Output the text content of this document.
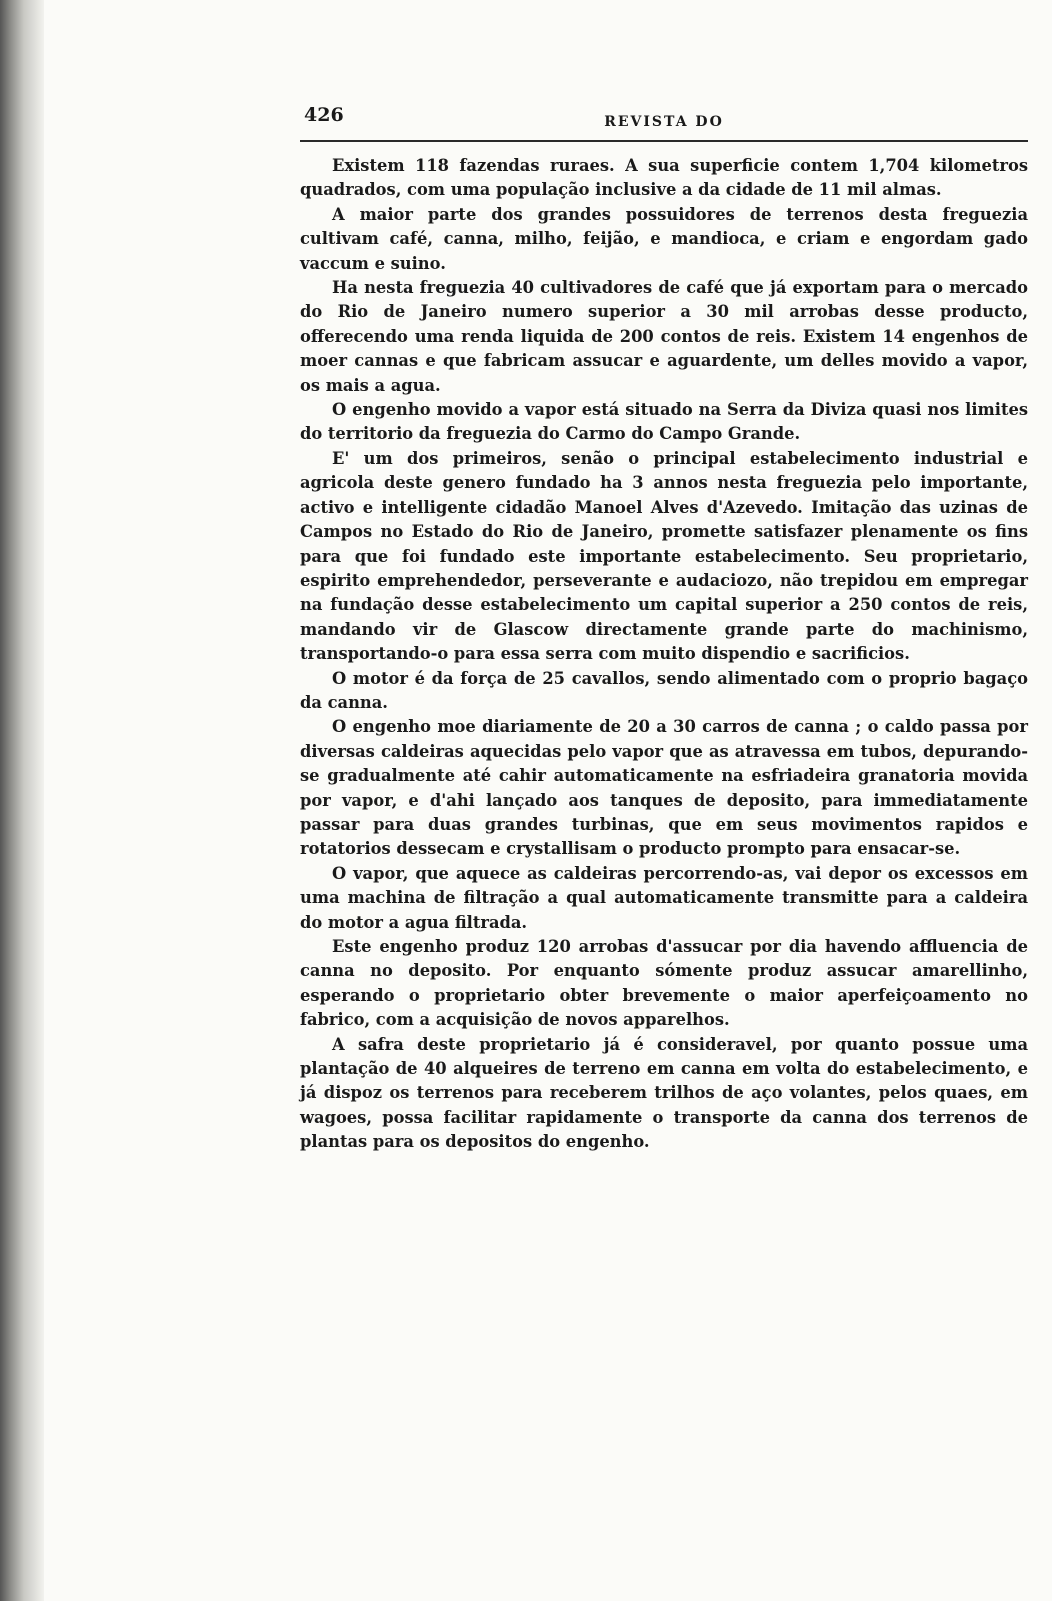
426	REVISTA DO

Existem 118 fazendas ruraes. A sua superficie contem 1,704 kilometros quadrados, com uma população inclusive a da cidade de 11 mil almas.

A maior parte dos grandes possuidores de terrenos desta freguezia cultivam café, canna, milho, feijão, e mandioca, e criam e engordam gado vaccum e suino.

Ha nesta freguezia 40 cultivadores de café que já exportam para o mercado do Rio de Janeiro numero superior a 30 mil arrobas desse producto, offerecendo uma renda liquida de 200 contos de reis. Existem 14 engenhos de moer cannas e que fabricam assucar e aguardente, um delles movido a vapor, os mais a agua.

O engenho movido a vapor está situado na Serra da Diviza quasi nos limites do territorio da freguezia do Carmo do Campo Grande.

E' um dos primeiros, senão o principal estabelecimento industrial e agricola deste genero fundado ha 3 annos nesta freguezia pelo importante, activo e intelligente cidadão Manoel Alves d'Azevedo. Imitação das uzinas de Campos no Estado do Rio de Janeiro, promette satisfazer plenamente os fins para que foi fundado este importante estabelecimento. Seu proprietario, espirito emprehendedor, perseverante e audaciozo, não trepidou em empregar na fundação desse estabelecimento um capital superior a 250 contos de reis, mandando vir de Glascow directamente grande parte do machinismo, transportando-o para essa serra com muito dispendio e sacrificios.

O motor é da força de 25 cavallos, sendo alimentado com o proprio bagaço da canna.

O engenho moe diariamente de 20 a 30 carros de canna ; o caldo passa por diversas caldeiras aquecidas pelo vapor que as atravessa em tubos, depurando-se gradualmente até cahir automaticamente na esfriadeira granatoria movida por vapor, e d'ahi lançado aos tanques de deposito, para immediatamente passar para duas grandes turbinas, que em seus movimentos rapidos e rotatorios dessecam e crystallisam o producto prompto para ensacar-se.

O vapor, que aquece as caldeiras percorrendo-as, vai depor os excessos em uma machina de filtração a qual automaticamente transmitte para a caldeira do motor a agua filtrada.

Este engenho produz 120 arrobas d'assucar por dia havendo affluencia de canna no deposito. Por enquanto sómente produz assucar amarellinho, esperando o proprietario obter brevemente o maior aperfeiçoamento no fabrico, com a acquisição de novos apparelhos.

A safra deste proprietario já é consideravel, por quanto possue uma plantação de 40 alqueires de terreno em canna em volta do estabelecimento, e já dispoz os terrenos para receberem trilhos de aço volantes, pelos quaes, em wagoes, possa facilitar rapidamente o transporte da canna dos terrenos de plantas para os depositos do engenho.
